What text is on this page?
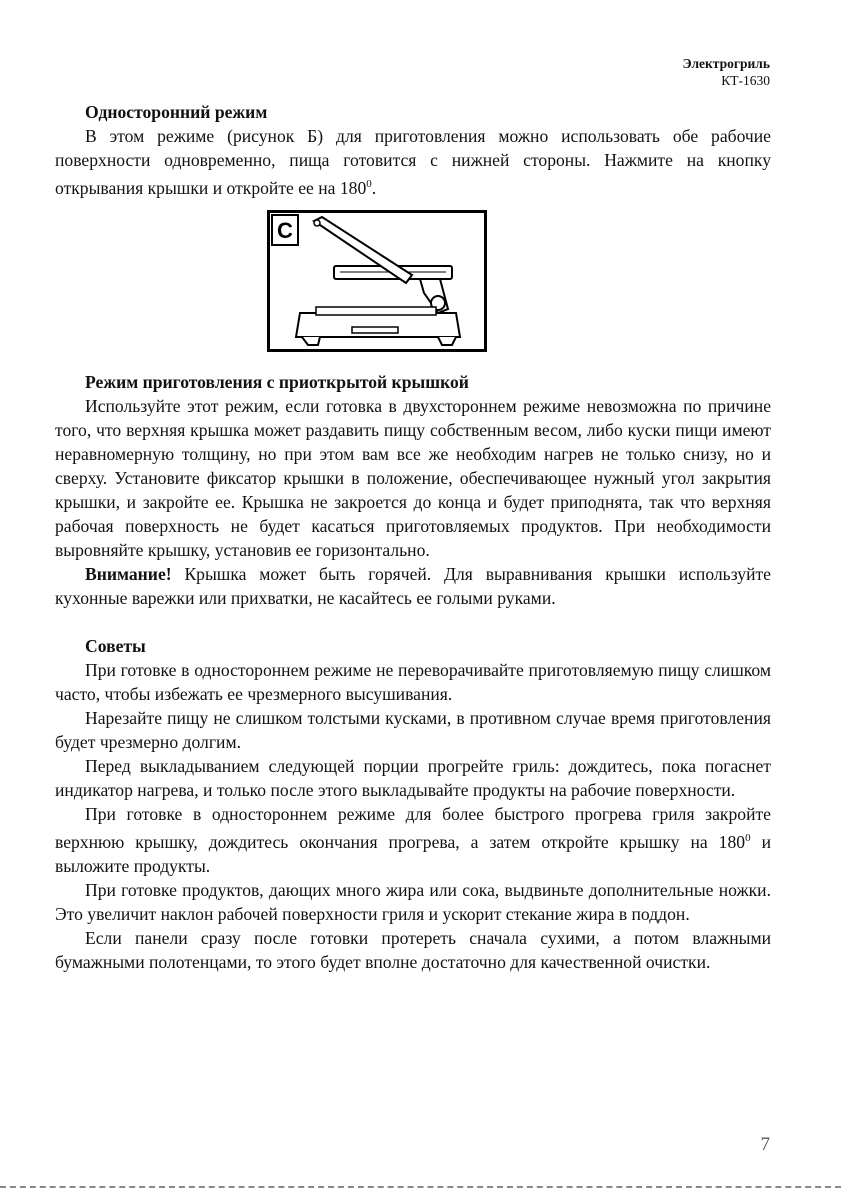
Электрогриль
КТ-1630
Односторонний режим

В этом режиме (рисунок Б) для приготовления можно использовать обе рабочие поверхности одновременно, пища готовится с нижней стороны. Нажмите на кнопку открывания крышки и откройте ее на $180^0$.

C
Режим приготовления с приоткрытой крышкой

Используйте этот режим, если готовка в двухстороннем режиме невозможна по причине того, что верхняя крышка может раздавить пищу собственным весом, либо куски пищи имеют неравномерную толщину, но при этом вам все же необходим нагрев не только снизу, но и сверху. Установите фиксатор крышки в положение, обеспечивающее нужный угол закрытия крышки, и закройте ее. Крышка не закроется до конца и будет приподнята, так что верхняя рабочая поверхность не будет касаться приготовляемых продуктов. При необходимости выровняйте крышку, установив ее горизонтально.

Внимание! Крышка может быть горячей. Для выравнивания крышки используйте кухонные варежки или прихватки, не касайтесь ее голыми руками.

Советы

При готовке в одностороннем режиме не переворачивайте приготовляемую пищу слишком часто, чтобы избежать ее чрезмерного высушивания.

Нарезайте пищу не слишком толстыми кусками, в противном случае время приготовления будет чрезмерно долгим.

Перед выкладыванием следующей порции прогрейте гриль: дождитесь, пока погаснет индикатор нагрева, и только после этого выкладывайте продукты на рабочие поверхности.

При готовке в одностороннем режиме для более быстрого прогрева гриля закройте верхнюю крышку, дождитесь окончания прогрева, а затем откройте крышку на $180^0$ и выложите продукты.

При готовке продуктов, дающих много жира или сока, выдвиньте дополнительные ножки. Это увеличит наклон рабочей поверхности гриля и ускорит стекание жира в поддон.

Если панели сразу после готовки протереть сначала сухими, а потом влажными бумажными полотенцами, то этого будет вполне достаточно для качественной очистки.

7
